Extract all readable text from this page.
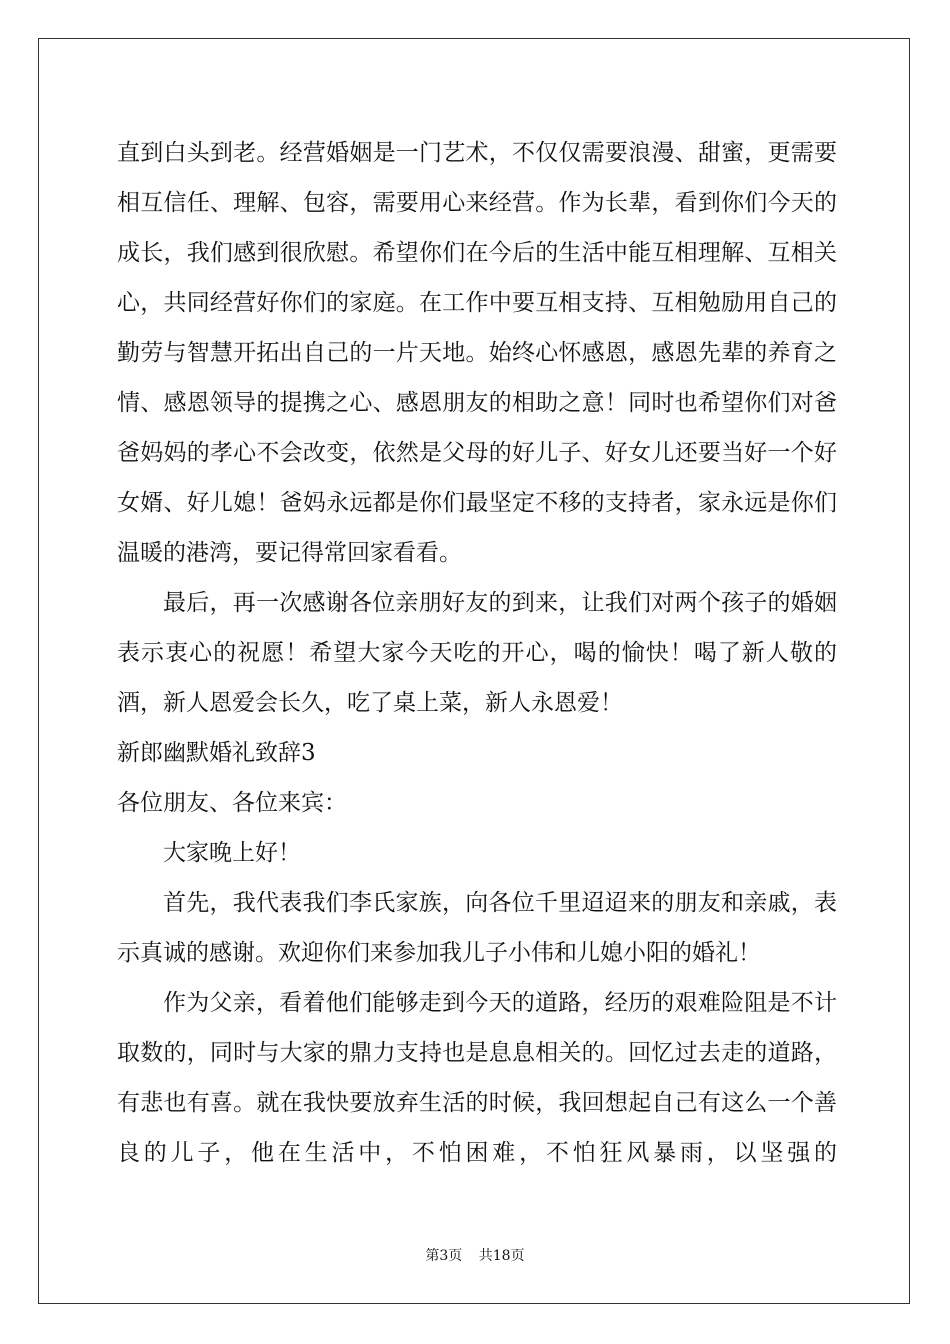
直到白头到老。经营婚姻是一门艺术，不仅仅需要浪漫、甜蜜，更需要相互信任、理解、包容，需要用心来经营。作为长辈，看到你们今天的成长，我们感到很欣慰。希望你们在今后的生活中能互相理解、互相关心，共同经营好你们的家庭。在工作中要互相支持、互相勉励用自己的勤劳与智慧开拓出自己的一片天地。始终心怀感恩，感恩先辈的养育之情、感恩领导的提携之心、感恩朋友的相助之意！同时也希望你们对爸爸妈妈的孝心不会改变，依然是父母的好儿子、好女儿还要当好一个好女婿、好儿媳！爸妈永远都是你们最坚定不移的支持者，家永远是你们温暖的港湾，要记得常回家看看。

最后，再一次感谢各位亲朋好友的到来，让我们对两个孩子的婚姻表示衷心的祝愿！希望大家今天吃的开心，喝的愉快！喝了新人敬的酒，新人恩爱会长久，吃了桌上菜，新人永恩爱！

新郎幽默婚礼致辞3

各位朋友、各位来宾：

大家晚上好！

首先，我代表我们李氏家族，向各位千里迢迢来的朋友和亲戚，表示真诚的感谢。欢迎你们来参加我儿子小伟和儿媳小阳的婚礼！

作为父亲，看着他们能够走到今天的道路，经历的艰难险阻是不计取数的，同时与大家的鼎力支持也是息息相关的。回忆过去走的道路，有悲也有喜。就在我快要放弃生活的时候，我回想起自己有这么一个善良的儿子，他在生活中，不怕困难，不怕狂风暴雨，以坚强的

第3页 共18页
